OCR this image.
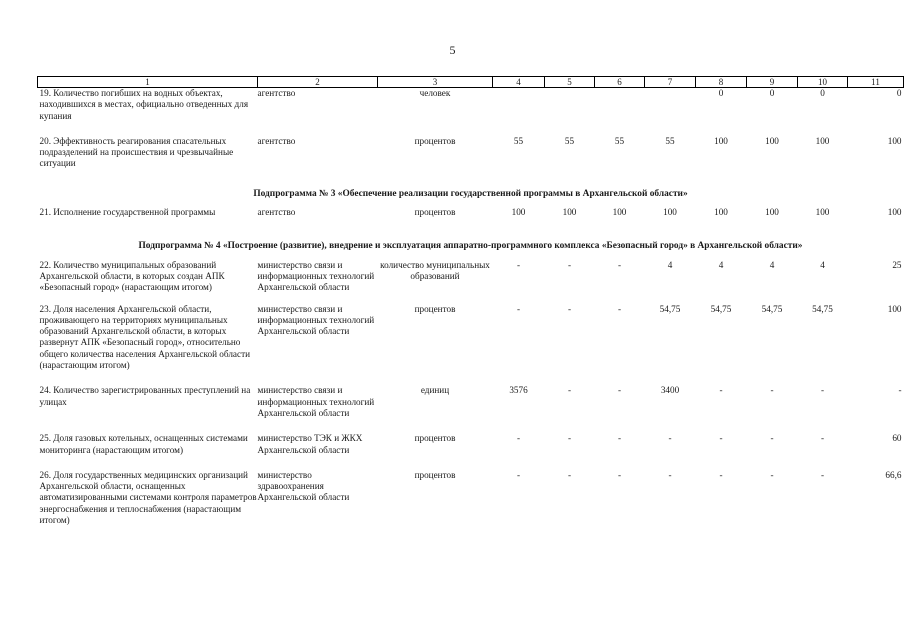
5
1	2	3	4	5	6	7	8	9	10	11
19. Количество погибших на водных объектах, находившихся в местах, официально отведенных для купания	агентство	человек					0	0	0	0

20. Эффективность реагирования спасательных подразделений на происшествия и чрезвычайные ситуации	агентство	процентов	55	55	55	55	100	100	100	100

Подпрограмма № 3 «Обеспечение реализации государственной программы в Архангельской области»										
21. Исполнение государственной программы	агентство	процентов	100	100	100	100	100	100	100	100

Подпрограмма № 4 «Построение (развитие), внедрение и эксплуатация аппаратно-программного комплекса «Безопасный город» в Архангельской области»										
22. Количество муниципальных образований Архангельской области, в которых создан АПК «Безопасный город» (нарастающим итогом)	министерство связи и информационных технологий Архангельской области	количество муниципальных образований	-	-	-	4	4	4	4	25

23. Доля населения Архангельской области, проживающего на территориях муниципальных образований Архангельской области, в которых развернут АПК «Безопасный город», относительно общего количества населения Архангельской области (нарастающим итогом)	министерство связи и информационных технологий Архангельской области	процентов	-	-	-	54,75	54,75	54,75	54,75	100

24. Количество зарегистрированных преступлений на улицах	министерство связи и информационных технологий Архангельской области	единиц	3576	-	-	3400	-	-	-	-

25. Доля газовых котельных, оснащенных системами мониторинга (нарастающим итогом)	министерство ТЭК и ЖКХ Архангельской области	процентов	-	-	-	-	-	-	-	60

26. Доля государственных медицинских организаций Архангельской области, оснащенных автоматизированными системами контроля параметров энергоснабжения и теплоснабжения (нарастающим итогом)	министерство здравоохранения Архангельской области	процентов	-	-	-	-	-	-	-	66,6
